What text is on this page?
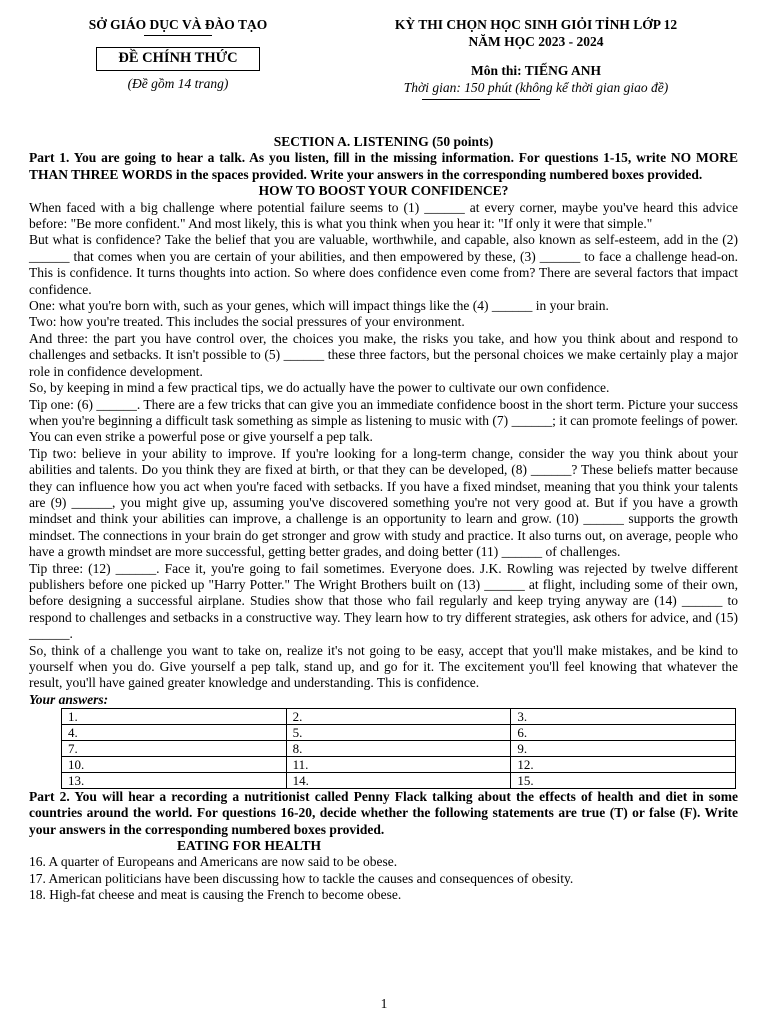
SỞ GIÁO DỤC VÀ ĐÀO TẠO
ĐỀ CHÍNH THỨC
(Đề gồm 14 trang)
KỲ THI CHỌN HỌC SINH GIỎI TỈNH LỚP 12
NĂM HỌC 2023 - 2024
Môn thi: TIẾNG ANH
Thời gian: 150 phút (không kể thời gian giao đề)
SECTION A. LISTENING (50 points)

Part 1. You are going to hear a talk. As you listen, fill in the missing information. For questions 1-15, write NO MORE THAN THREE WORDS in the spaces provided. Write your answers in the corresponding numbered boxes provided.

HOW TO BOOST YOUR CONFIDENCE?

When faced with a big challenge where potential failure seems to (1) ______ at every corner, maybe you've heard this advice before: "Be more confident." And most likely, this is what you think when you hear it: "If only it were that simple."

But what is confidence? Take the belief that you are valuable, worthwhile, and capable, also known as self-esteem, add in the (2) ______ that comes when you are certain of your abilities, and then empowered by these, (3) ______ to face a challenge head-on. This is confidence. It turns thoughts into action. So where does confidence even come from? There are several factors that impact confidence.

One: what you're born with, such as your genes, which will impact things like the (4) ______ in your brain.

Two: how you're treated. This includes the social pressures of your environment.

And three: the part you have control over, the choices you make, the risks you take, and how you think about and respond to challenges and setbacks. It isn't possible to (5) ______ these three factors, but the personal choices we make certainly play a major role in confidence development.

So, by keeping in mind a few practical tips, we do actually have the power to cultivate our own confidence.

Tip one: (6) ______. There are a few tricks that can give you an immediate confidence boost in the short term. Picture your success when you're beginning a difficult task something as simple as listening to music with (7) ______; it can promote feelings of power. You can even strike a powerful pose or give yourself a pep talk.

Tip two: believe in your ability to improve. If you're looking for a long-term change, consider the way you think about your abilities and talents. Do you think they are fixed at birth, or that they can be developed, (8) ______? These beliefs matter because they can influence how you act when you're faced with setbacks. If you have a fixed mindset, meaning that you think your talents are (9) ______, you might give up, assuming you've discovered something you're not very good at. But if you have a growth mindset and think your abilities can improve, a challenge is an opportunity to learn and grow. (10) ______ supports the growth mindset. The connections in your brain do get stronger and grow with study and practice. It also turns out, on average, people who have a growth mindset are more successful, getting better grades, and doing better (11) ______ of challenges.

Tip three: (12) ______. Face it, you're going to fail sometimes. Everyone does. J.K. Rowling was rejected by twelve different publishers before one picked up "Harry Potter." The Wright Brothers built on (13) ______ at flight, including some of their own, before designing a successful airplane. Studies show that those who fail regularly and keep trying anyway are (14) ______ to respond to challenges and setbacks in a constructive way. They learn how to try different strategies, ask others for advice, and (15) ______.

So, think of a challenge you want to take on, realize it's not going to be easy, accept that you'll make mistakes, and be kind to yourself when you do. Give yourself a pep talk, stand up, and go for it. The excitement you'll feel knowing that whatever the result, you'll have gained greater knowledge and understanding. This is confidence.

Your answers:
1.	2.	3.
4.	5.	6.
7.	8.	9.
10.	11.	12.
13.	14.	15.

Part 2. You will hear a recording a nutritionist called Penny Flack talking about the effects of health and diet in some countries around the world. For questions 16-20, decide whether the following statements are true (T) or false (F). Write your answers in the corresponding numbered boxes provided.

EATING FOR HEALTH

16. A quarter of Europeans and Americans are now said to be obese.

17. American politicians have been discussing how to tackle the causes and consequences of obesity.

18. High-fat cheese and meat is causing the French to become obese.

1
